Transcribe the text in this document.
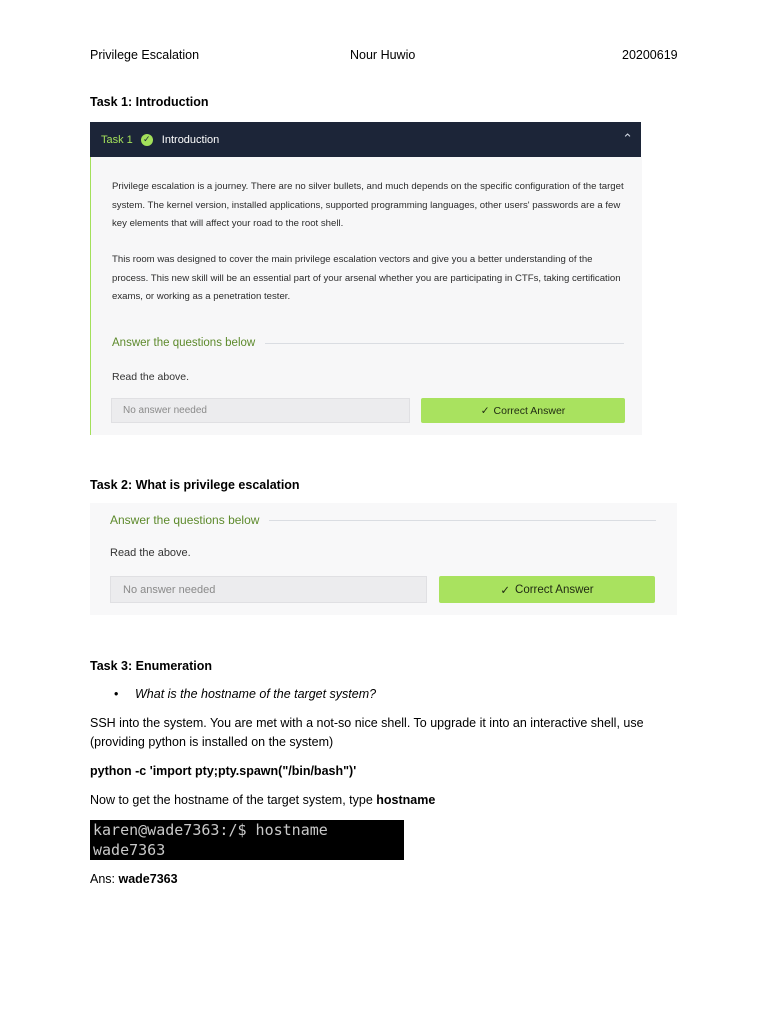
Privilege Escalation	Nour Huwio	20200619
Task 1: Introduction
Task 1 ✓ Introduction	⌃
Privilege escalation is a journey. There are no silver bullets, and much depends on the specific configuration of the target system. The kernel version, installed applications, supported programming languages, other users' passwords are a few key elements that will affect your road to the root shell.
This room was designed to cover the main privilege escalation vectors and give you a better understanding of the process. This new skill will be an essential part of your arsenal whether you are participating in CTFs, taking certification exams, or working as a penetration tester.
Answer the questions below
Read the above.
No answer needed	✓ Correct Answer
Task 2: What is privilege escalation
Answer the questions below
Read the above.
No answer needed	✓ Correct Answer
Task 3: Enumeration
• What is the hostname of the target system?
SSH into the system. You are met with a not-so nice shell. To upgrade it into an interactive shell, use
(providing python is installed on the system)
python -c 'import pty;pty.spawn("/bin/bash")'
Now to get the hostname of the target system, type hostname
karen@wade7363:/$ hostname
wade7363
Ans: wade7363
